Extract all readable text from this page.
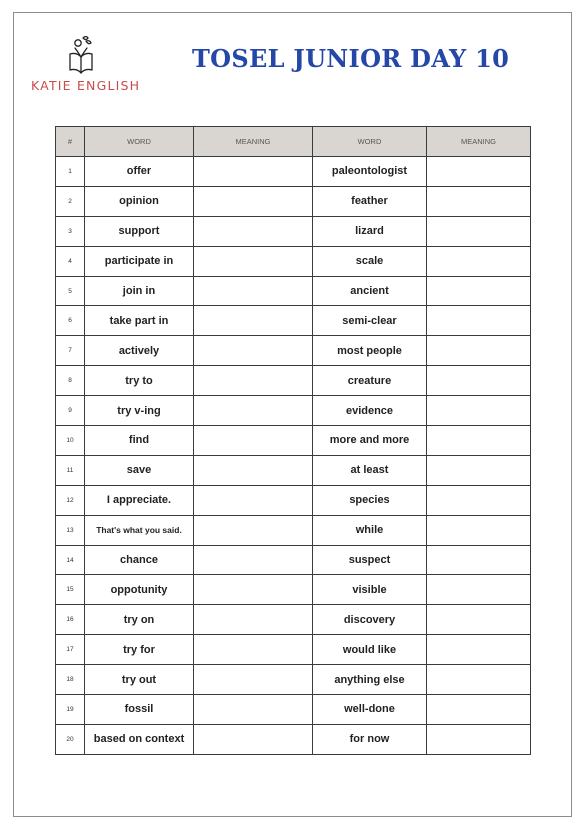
KATIE ENGLISH
TOSEL JUNIOR DAY 10
#	WORD	MEANING	WORD	MEANING
1	offer		paleontologist	
2	opinion		feather	
3	support		lizard	
4	participate in		scale	
5	join in		ancient	
6	take part in		semi-clear	
7	actively		most people	
8	try to		creature	
9	try v-ing		evidence	
10	find		more and more	
11	save		at least	
12	I appreciate.		species	
13	That's what you said.		while	
14	chance		suspect	
15	oppotunity		visible	
16	try on		discovery	
17	try for		would like	
18	try out		anything else	
19	fossil		well-done	
20	based on context		for now	
